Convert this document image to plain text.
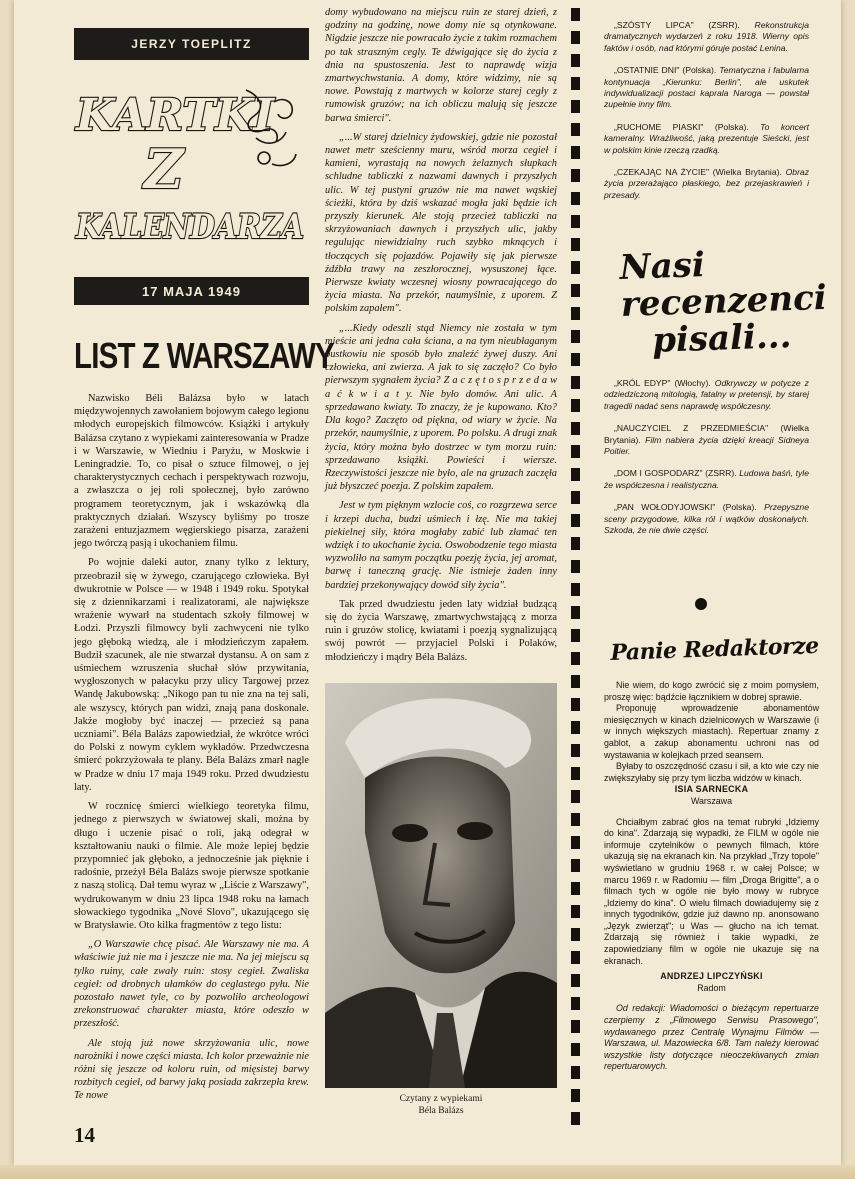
JERZY TOEPLITZ
KARTKI
Z
KALENDARZA
17 MAJA 1949
LIST Z WARSZAWY

Nazwisko Béli Balázsa było w latach międzywojennych zawołaniem bojowym całego legionu młodych europejskich filmowców. Książki i artykuły Balázsa czytano z wypiekami zainteresowania w Pradze i w Warszawie, w Wiedniu i Paryżu, w Moskwie i Leningradzie. To, co pisał o sztuce filmowej, o jej charakterystycznych cechach i perspektywach rozwoju, a zwłaszcza o jej roli społecznej, było zarówno programem teoretycznym, jak i wskazówką dla praktycznych działań. Wszyscy byliśmy po trosze zarażeni entuzjazmem węgierskiego pisarza, zarażeni jego twórczą pasją i ukochaniem filmu.

Po wojnie daleki autor, znany tylko z lektury, przeobraził się w żywego, czarującego człowieka. Był dwukrotnie w Polsce — w 1948 i 1949 roku. Spotykał się z dziennikarzami i realizatorami, ale największe wrażenie wywarł na studentach szkoły filmowej w Łodzi. Przyszli filmowcy byli zachwyceni nie tylko jego głęboką wiedzą, ale i młodzieńczym zapałem. Budził szacunek, ale nie stwarzał dystansu. A on sam z uśmiechem wzruszenia słuchał słów przywitania, wygłoszonych w pałacyku przy ulicy Targowej przez Wandę Jakubowską: „Nikogo pan tu nie zna na tej sali, ale wszyscy, których pan widzi, znają pana doskonale. Jakże mogłoby być inaczej — przecież są pana uczniami". Béla Balázs zapowiedział, że wkrótce wróci do Polski z nowym cyklem wykładów. Przedwczesna śmierć pokrzyżowała te plany. Béla Balázs zmarł nagle w Pradze w dniu 17 maja 1949 roku. Przed dwudziestu laty.

W rocznicę śmierci wielkiego teoretyka filmu, jednego z pierwszych w światowej skali, można by długo i uczenie pisać o roli, jaką odegrał w kształtowaniu nauki o filmie. Ale może lepiej będzie przypomnieć jak głęboko, a jednocześnie jak pięknie i radośnie, przeżył Béla Balázs swoje pierwsze spotkanie z naszą stolicą. Dał temu wyraz w „Liście z Warszawy", wydrukowanym w dniu 23 lipca 1948 roku na łamach słowackiego tygodnika „Nové Slovo", ukazującego się w Bratysławie. Oto kilka fragmentów z tego listu:

„O Warszawie chcę pisać. Ale Warszawy nie ma. A właściwie już nie ma i jeszcze nie ma. Na jej miejscu są tylko ruiny, całe zwały ruin: stosy cegieł. Zwaliska cegieł: od drobnych ułamków do ceglastego pyłu. Nie pozostało nawet tyle, co by pozwoliło archeologowi zrekonstruować charakter miasta, które odeszło w przeszłość.

Ale stoją już nowe skrzyżowania ulic, nowe narożniki i nowe części miasta. Ich kolor przeważnie nie różni się jeszcze od koloru ruin, od mięsistej barwy rozbitych cegieł, od barwy jaką posiada zakrzepła krew. Te nowe

domy wybudowano na miejscu ruin ze starej dzień, z godziny na godzinę, nowe domy nie są otynkowane. Nigdzie jeszcze nie powracało życie z takim rozmachem po tak straszným cegly. Te dźwigające się do życia z dnia na spustoszenia. Jest to naprawdę wizja zmartwychwstania. A domy, które widzimy, nie są nowe. Powstają z martwych w kolorze starej cegły z rumowisk gruzów; na ich obliczu malują się jeszcze barwa śmierci".

„...W starej dzielnicy żydowskiej, gdzie nie pozostał nawet metr sześcienny muru, wśród morza cegieł i kamieni, wyrastają na nowych żelaznych słupkach schludne tabliczki z nazwami dawnych i przyszłych ulic. W tej pustyni gruzów nie ma nawet wąskiej ścieżki, która by dziś wskazać mogła jaki będzie ich przyszły kierunek. Ale stoją przecież tabliczki na skrzyżowaniach dawnych i przyszłych ulic, jakby regulując niewidzialny ruch szybko mknących i tłoczących się pojazdów. Pojawiły się jak pierwsze źdźbła trawy na zeszłorocznej, wysuszonej łące. Pierwsze kwiaty wczesnej wiosny powracającego do życia miasta. Na przekór, naumyślnie, z uporem. Z polskim zapałem".

„...Kiedy odeszli stąd Niemcy nie została w tym mieście ani jedna cała ściana, a na tym nieubłaganym pustkowiu nie sposób było znaleźć żywej duszy. Ani człowieka, ani zwierza. A jak to się zaczęło? Co było pierwszym sygnałem życia? Z a c z ę t o s p r z e d a w a ć k w i a t y. Nie było domów. Ani ulic. A sprzedawano kwiaty. To znaczy, że je kupowano. Kto? Dla kogo? Zaczęto od piękna, od wiary w życie. Na przekór, naumyślnie, z uporem. Po polsku. A drugi znak życia, który można było dostrzec w tym morzu ruin: sprzedawano książki. Powieści i wiersze. Rzeczywistości jeszcze nie było, ale na gruzach zaczęła już błyszczeć poezja. Z polskim zapałem.

Jest w tym pięknym wzlocie coś, co rozgrzewa serce i krzepi ducha, budzi uśmiech i łzę. Nie ma takiej piekielnej siły, która mogłaby zabić lub złamać ten wdzięk i to ukochanie życia. Oswobodzenie tego miasta wyzwoliło na samym początku poezję życia, jej aromat, barwę i taneczną grację. Nie istnieje żaden inny bardziej przekonywający dowód siły życia".

Tak przed dwudziestu jeden laty widział budzącą się do życia Warszawę, zmartwychwstającą z morza ruin i gruzów stolicę, kwiatami i poezją sygnalizującą swój powrót — przyjaciel Polski i Polaków, młodzieńczy i mądry Béla Balázs.

Czytany z wypiekami
Béla Balázs
14

„SZÓSTY LIPCA" (ZSRR). Rekonstrukcja dramatycznych wydarzeń z roku 1918. Wierny opis faktów i osób, nad którymi góruje postać Lenina.

„OSTATNIE DNI" (Polska). Tematyczna i fabularna kontynuacja „Kierunku: Berlin", ale uskutek indywidualizacji postaci kaprala Naroga — powstał zupełnie inny film.

„RUCHOME PIASKI" (Polska). To koncert kameralny. Wrażliwość, jaką prezentuje Sieścki, jest w polskim kinie rzeczą rzadką.

„CZEKAJĄC NA ŻYCIE" (Wielka Brytania). Obraz życia przerażająco płaskiego, bez przejaskrawień i przesady.

Nasi
recenzenci
pisali...

„KRÓL EDYP" (Włochy). Odkrywczy w potycze z odziedziczoną mitologią, fatalny w pretensji, by starej tragedii nadać sens naprawdę współczesny.

„NAUCZYCIEL Z PRZEDMIEŚCIA" (Wielka Brytania). Film nabiera życia dzięki kreacji Sidneya Poitier.

„DOM I GOSPODARZ" (ZSRR). Ludowa baśń, tyle że współczesna i realistyczna.

„PAN WOŁODYJOWSKI" (Polska). Przepyszne sceny przygodowe, kilka ról i wątków doskonałych. Szkoda, że nie dwie części.

Panie Redaktorze

Nie wiem, do kogo zwrócić się z moim pomysłem, proszę więc: bądźcie łącznikiem w dobrej sprawie.

Proponuję wprowadzenie abonamentów miesięcznych w kinach dzielnicowych w Warszawie (i w innych większych miastach). Repertuar znamy z gablot, a zakup abonamentu uchroni nas od wystawania w kolejkach przed seansem.

Byłaby to oszczędność czasu i sił, a kto wie czy nie zwiększyłaby się przy tym liczba widzów w kinach.

ISIA SARNECKA

Warszawa

Chciałbym zabrać głos na temat rubryki „Idziemy do kina". Zdarzają się wypadki, że FILM w ogóle nie informuje czytelników o pewnych filmach, które ukazują się na ekranach kin. Na przykład „Trzy topole" wyświetlano w grudniu 1968 r. w całej Polsce; w marcu 1969 r. w Radomiu — film „Droga Brigitte", a o filmach tych w ogóle nie było mowy w rubryce „Idziemy do kina". O wielu filmach dowiadujemy się z innych tygodników, gdzie już dawno np. anonsowano „Język zwierząt"; u Was — głucho na ich temat. Zdarzają się również i takie wypadki, że zapowiedziany film w ogóle nie ukazuje się na ekranach.

ANDRZEJ LIPCZYŃSKI

Radom

Od redakcji: Wiadomości o bieżącym repertuarze czerpiemy z „Filmowego Serwisu Prasowego", wydawanego przez Centralę Wynajmu Filmów — Warszawa, ul. Mazowiecka 6/8. Tam należy kierować wszystkie listy dotyczące nieoczekiwanych zmian repertuarowych.
